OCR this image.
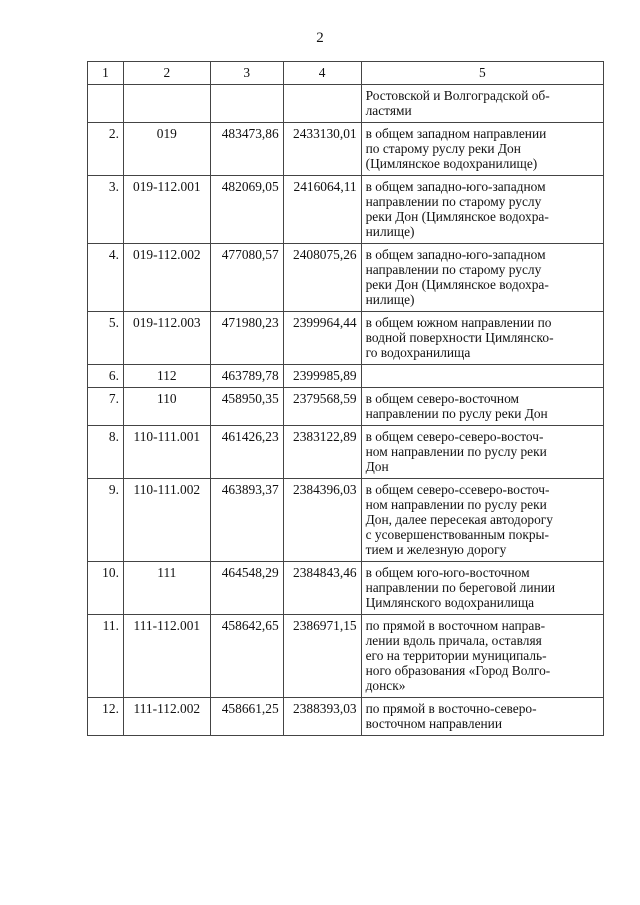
2
1	2	3	4	5

				Ростовской и Волгоградской об-
ластями

2.	019	483473,86	2433130,01	в общем западном направлении
по старому руслу реки Дон
(Цимлянское водохранилище)

3.	019-112.001	482069,05	2416064,11	в общем западно-юго-западном
направлении по старому руслу
реки Дон (Цимлянское водохра-
нилище)

4.	019-112.002	477080,57	2408075,26	в общем западно-юго-западном
направлении по старому руслу
реки Дон (Цимлянское водохра-
нилище)

5.	019-112.003	471980,23	2399964,44	в общем южном направлении по
водной поверхности Цимлянско-
го водохранилища

6.	112	463789,78	2399985,89	
7.	110	458950,35	2379568,59	в общем северо-восточном
направлении по руслу реки Дон

8.	110-111.001	461426,23	2383122,89	в общем северо-северо-восточ-
ном направлении по руслу реки
Дон

9.	110-111.002	463893,37	2384396,03	в общем северо-ссеверо-восточ-
ном направлении по руслу реки
Дон, далее пересекая автодорогу
с усовершенствованным покры-
тием и железную дорогу

10.	111	464548,29	2384843,46	в общем юго-юго-восточном
направлении по береговой линии
Цимлянского водохранилища

11.	111-112.001	458642,65	2386971,15	по прямой в восточном направ-
лении вдоль причала, оставляя
его на территории муниципаль-
ного образования «Город Волго-
донск»

12.	111-112.002	458661,25	2388393,03	по прямой в восточно-северо-
восточном направлении
